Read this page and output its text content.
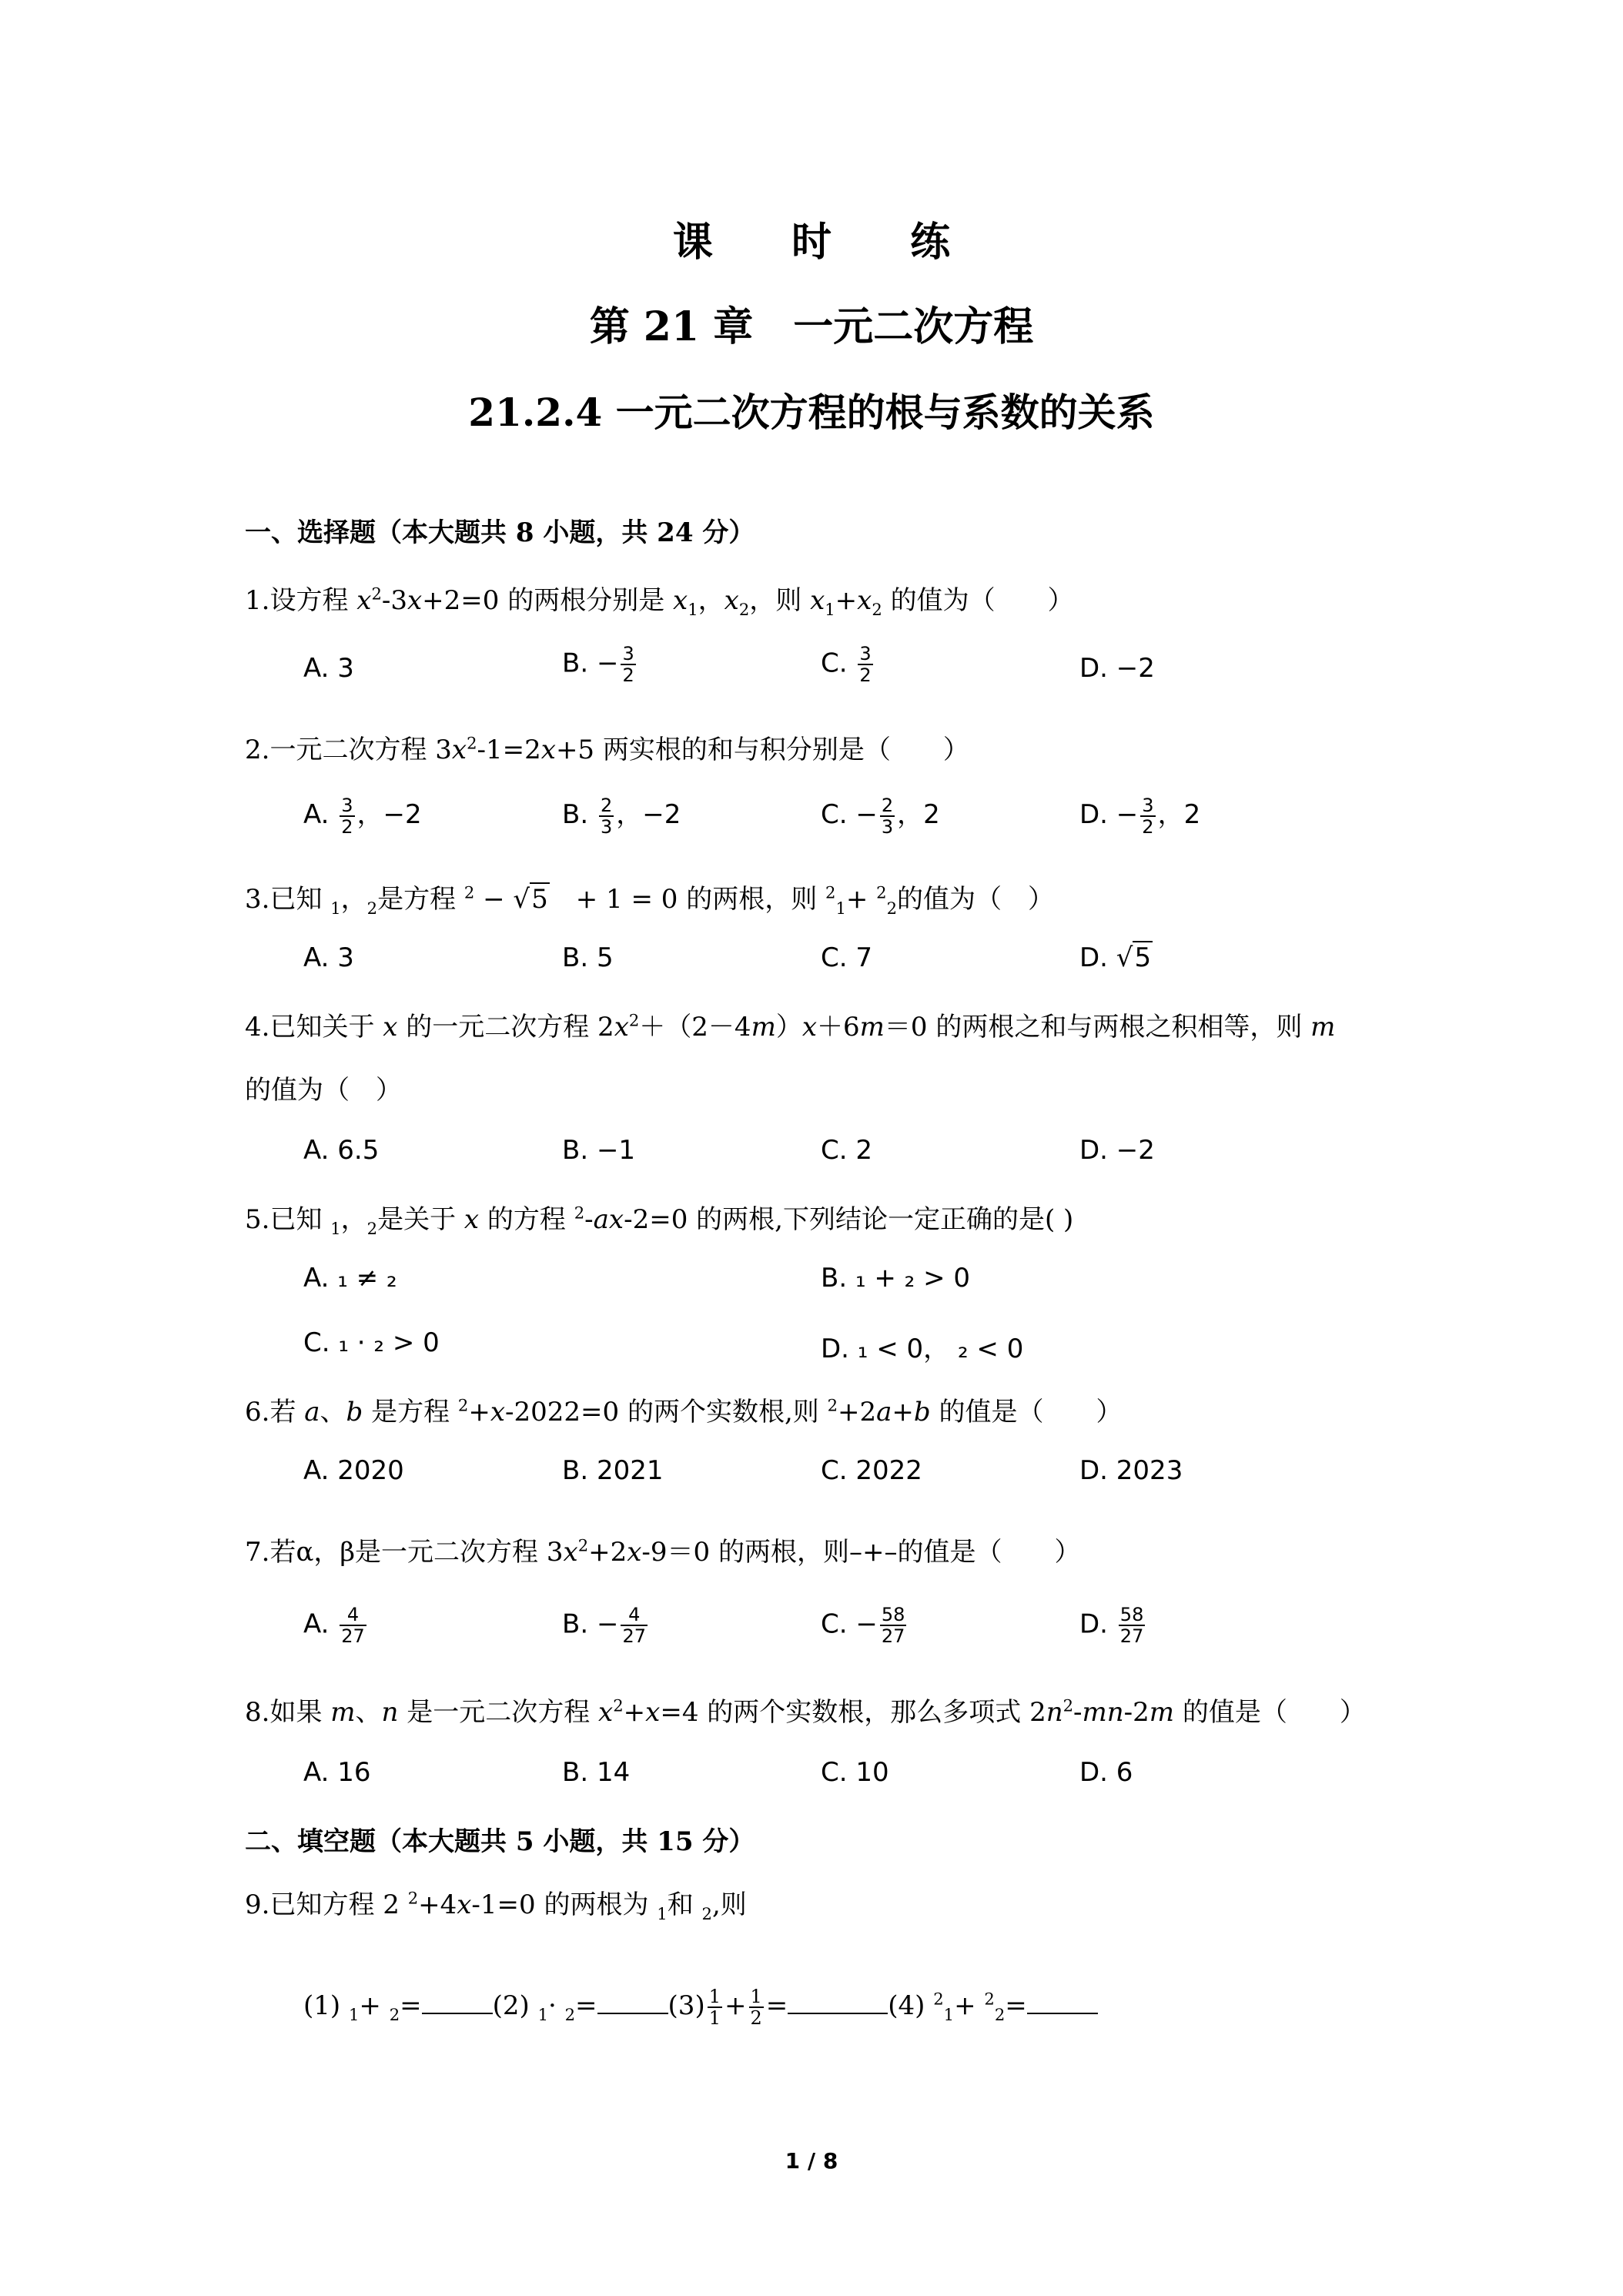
课 时 练
第 21 章　一元二次方程
21.2.4 一元二次方程的根与系数的关系
一、选择题（本大题共 8 小题，共 24 分）
1.设方程 $x^2-3x+2=0$ 的两根分别是 $x_1$，$x_2$，则 $x_1+x_2$ 的值为（　　）
A. 3	B. − $\frac{3}{2}$	C. $\frac{3}{2}$	D. −2
2.一元二次方程 $3x^2-1=2x+5$ 两实根的和与积分别是（　　）
A. $\frac{3}{2}$ ，−2	B. $\frac{2}{3}$ ，−2	C. − $\frac{2}{3}$ ，2	D. − $\frac{3}{2}$ ，2
3.已知 $_1$，$_2$是方程 $^2$ − √5　+ 1 = 0 的两根，则 $^2_1$+ $^2_2$的值为（　）
A. 3	B. 5	C. 7	D. √5
4.已知关于 x 的一元二次方程 $2x^2+(2-4m)x+6m=0$ 的两根之和与两根之积相等，则 m
的值为（　）
A. 6.5	B. −1	C. 2	D. −2
5.已知 $_1$，$_2$是关于 x 的方程 $^2$-ax-2=0 的两根,下列结论一定正确的是( )
A. ₁ ≠ ₂	B. ₁ + ₂ > 0
C. ₁ · ₂ > 0	D. ₁ < 0， ₂ < 0
6.若 a、b 是方程 $^2$+x-2022=0 的两个实数根,则 $^2$+2a+b 的值是（　　）
A. 2020	B. 2021	C. 2022	D. 2023
7.若α，β是一元二次方程 $3x^2+2x-9=0$ 的两根，则–+–的值是（　　）
A. $\frac{4}{27}$	B. − $\frac{4}{27}$	C. − $\frac{58}{27}$	D. $\frac{58}{27}$
8.如果 m、n 是一元二次方程 $x^2+x=4$ 的两个实数根，那么多项式 $2n^2-mn-2m$ 的值是（　　）
A. 16	B. 14	C. 10	D. 6
二、填空题（本大题共 5 小题，共 15 分）
9.已知方程 2 $^2$+4x-1=0 的两根为 $_1$和 $_2$,则
(1) $_1$+ $_2$=	(2) $_1$· $_2$=	$(3) \frac{1}{1} + \frac{1}{2}$ =	(4) $^2_1$+ $^2_2$=
1 / 8
